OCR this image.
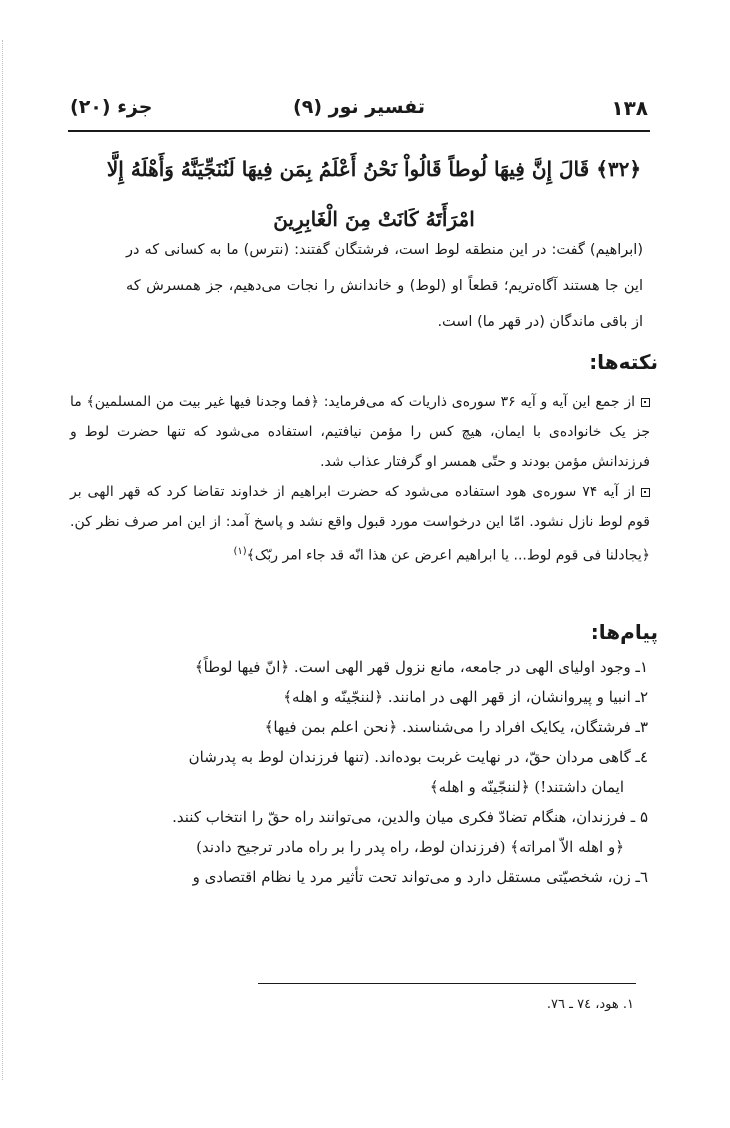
۱۳۸
تفسیر نور (۹)
جزء (۲۰)
﴿۳۲﴾ قَالَ إِنَّ فِيهَا لُوطاً قَالُواْ نَحْنُ أَعْلَمُ بِمَن فِيهَا لَنُنَجِّيَنَّهُ وَأَهْلَهُ إِلَّا امْرَأَتَهُ كَانَتْ مِنَ الْغَابِرِينَ
(ابراهیم) گفت: در این منطقه لوط است، فرشتگان گفتند: (نترس) ما به کسانی که در این جا هستند آگاه‌تریم؛ قطعاً او (لوط) و خاندانش را نجات می‌دهیم، جز همسرش که از باقی ماندگان (در قهر ما) است.
نکته‌ها:

از جمع این آیه و آیه ۳۶ سوره‌ی ذاریات که می‌فرماید: ﴿فما وجدنا فیها غیر بیت من المسلمین﴾ ما جز یک خانواده‌ی با ایمان، هیچ کس را مؤمن نیافتیم، استفاده می‌شود که تنها حضرت لوط و فرزندانش مؤمن بودند و حتّی همسر او گرفتار عذاب شد.

از آیه ۷۴ سوره‌ی هود استفاده می‌شود که حضرت ابراهیم از خداوند تقاضا کرد که قهر الهی بر قوم لوط نازل نشود. امّا این درخواست مورد قبول واقع نشد و پاسخ آمد: از این امر صرف نظر کن. ﴿یجادلنا فی قوم لوط... یا ابراهیم اعرض عن هذا انّه قد جاء امر ربّک﴾$^{(۱)}$

پیام‌ها:

۱ـ وجود اولیای الهی در جامعه، مانع نزول قهر الهی است. ﴿انّ فیها لوطاً﴾

۲ـ انبیا و پیروانشان، از قهر الهی در امانند. ﴿لننجّینّه و اهله﴾

۳ـ فرشتگان، یکایک افراد را می‌شناسند. ﴿نحن اعلم بمن فیها﴾

٤ـ گاهی مردان حقّ، در نهایت غربت بوده‌اند. (تنها فرزندان لوط به پدرشان

ایمان داشتند!) ﴿لننجّینّه و اهله﴾

۵ ـ فرزندان، هنگام تضادّ فکری میان والدین، می‌توانند راه حقّ را انتخاب کنند.

﴿و اهله الاّ امراته﴾ (فرزندان لوط، راه پدر را بر راه مادر ترجیح دادند)

٦ـ زن، شخصیّتی مستقل دارد و می‌تواند تحت تأثیر مرد یا نظام اقتصادی و

۱. هود، ۷٤ ـ ۷٦.
